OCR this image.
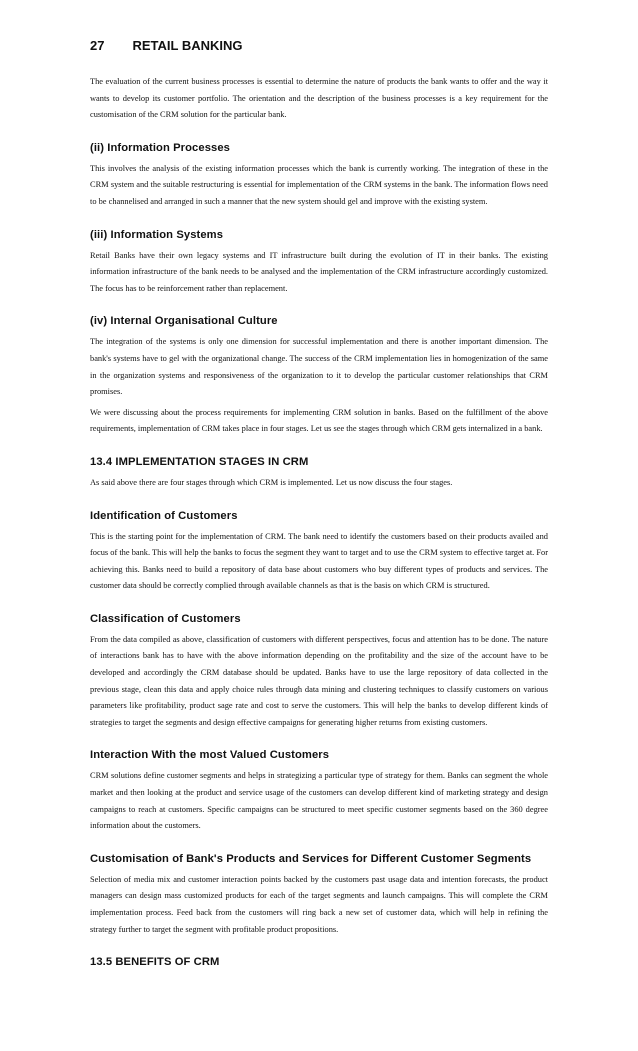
27 RETAIL BANKING

The evaluation of the current business processes is essential to determine the nature of products the bank wants to offer and the way it wants to develop its customer portfolio. The orientation and the description of the business processes is a key requirement for the customisation of the CRM solution for the particular bank.

(ii) Information Processes

This involves the analysis of the existing information processes which the bank is currently working. The integration of these in the CRM system and the suitable restructuring is essential for implementation of the CRM systems in the bank. The information flows need to be channelised and arranged in such a manner that the new system should gel and improve with the existing system.

(iii) Information Systems

Retail Banks have their own legacy systems and IT infrastructure built during the evolution of IT in their banks. The existing information infrastructure of the bank needs to be analysed and the implementation of the CRM infrastructure accordingly customized. The focus has to be reinforcement rather than replacement.

(iv) Internal Organisational Culture

The integration of the systems is only one dimension for successful implementation and there is another important dimension. The bank's systems have to gel with the organizational change. The success of the CRM implementation lies in homogenization of the same in the organization systems and responsiveness of the organization to it to develop the particular customer relationships that CRM promises.

We were discussing about the process requirements for implementing CRM solution in banks. Based on the fulfillment of the above requirements, implementation of CRM takes place in four stages. Let us see the stages through which CRM gets internalized in a bank.

13.4 IMPLEMENTATION STAGES IN CRM

As said above there are four stages through which CRM is implemented. Let us now discuss the four stages.

Identification of Customers

This is the starting point for the implementation of CRM. The bank need to identify the customers based on their products availed and focus of the bank. This will help the banks to focus the segment they want to target and to use the CRM system to effective target at. For achieving this. Banks need to build a repository of data base about customers who buy different types of products and services. The customer data should be correctly complied through available channels as that is the basis on which CRM is structured.

Classification of Customers

From the data compiled as above, classification of customers with different perspectives, focus and attention has to be done. The nature of interactions bank has to have with the above information depending on the profitability and the size of the account have to be developed and accordingly the CRM database should be updated. Banks have to use the large repository of data collected in the previous stage, clean this data and apply choice rules through data mining and clustering techniques to classify customers on various parameters like profitability, product sage rate and cost to serve the customers. This will help the banks to develop different kinds of strategies to target the segments and design effective campaigns for generating higher returns from existing customers.

Interaction With the most Valued Customers

CRM solutions define customer segments and helps in strategizing a particular type of strategy for them. Banks can segment the whole market and then looking at the product and service usage of the customers can develop different kind of marketing strategy and design campaigns to reach at customers. Specific campaigns can be structured to meet specific customer segments based on the 360 degree information about the customers.

Customisation of Bank's Products and Services for Different Customer Segments

Selection of media mix and customer interaction points backed by the customers past usage data and intention forecasts, the product managers can design mass customized products for each of the target segments and launch campaigns. This will complete the CRM implementation process. Feed back from the customers will ring back a new set of customer data, which will help in refining the strategy further to target the segment with profitable product propositions.

13.5 BENEFITS OF CRM
